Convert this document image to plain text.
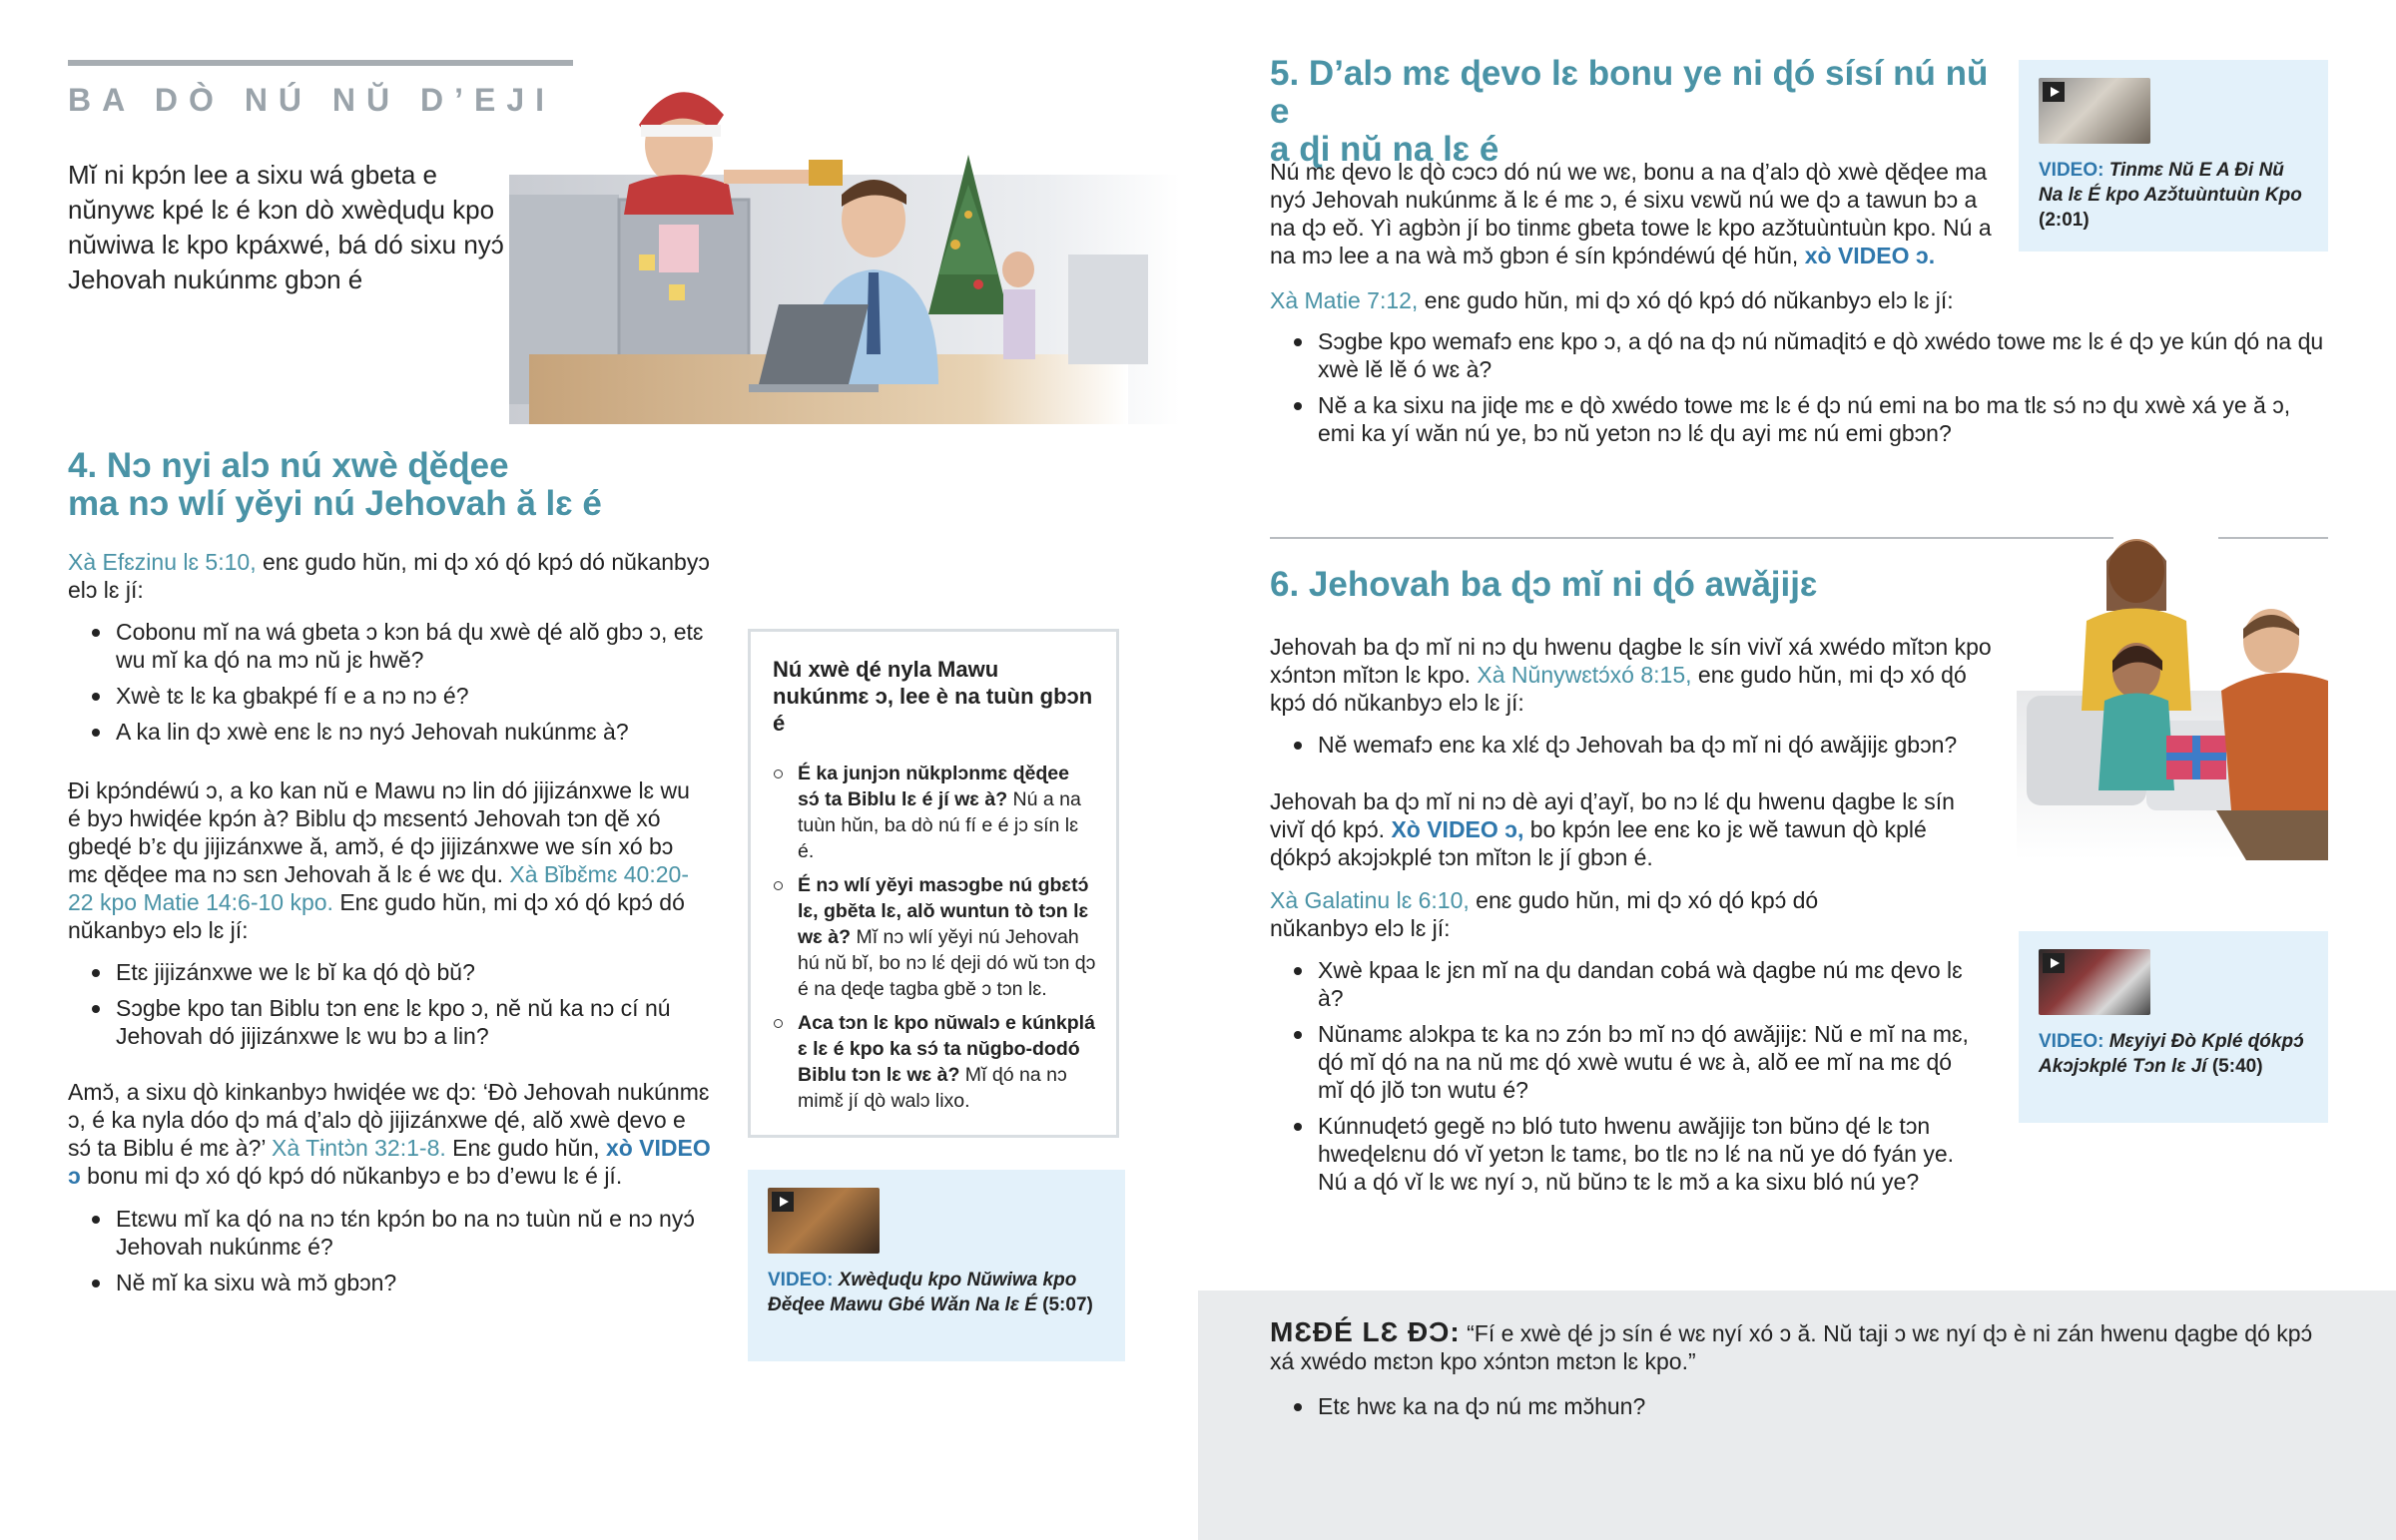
BA DÒ NÚ NŬ D’EJI

Mĭ ni kpɔ́n lee a sixu wá gbeta e nŭnywɛ kpé lɛ é kɔn dò xwèɖuɖu kpo nŭwiwa lɛ kpo kpáxwé, bá dó sixu nyɔ́ Jehovah nukúnmɛ gbɔn é

4. Nɔ nyi alɔ nú xwè ɖěɖee
ma nɔ wlí yĕyi nú Jehovah ă lɛ é

Xà Efɛzinu lɛ 5:10, enɛ gudo hŭn, mi ɖɔ xó ɖó kpɔ́ dó nŭkanbyɔ elɔ lɛ jí:

Cobonu mĭ na wá gbeta ɔ kɔn bá ɖu xwè ɖé alŏ gbɔ ɔ, etɛ wu mĭ ka ɖó na mɔ nŭ jɛ hwĕ?
Xwè tɛ lɛ ka gbakpé fí e a nɔ nɔ é?
A ka lin ɖɔ xwè enɛ lɛ nɔ nyɔ́ Jehovah nukúnmɛ à?

Ði kpɔ́ndéwú ɔ, a ko kan nŭ e Mawu nɔ lin dó jijizánxwe lɛ wu é byɔ hwiɖée kpɔ́n à? Biblu ɖɔ mɛsentɔ́ Jehovah tɔn ɖě xó gbeɖé b’ɛ ɖu jijizánxwe ă, amɔ̆, é ɖɔ jijizánxwe we sín xó bɔ mɛ ɖěɖee ma nɔ sɛn Jehovah ă lɛ é wɛ ɖu. Xà Bǐbɛ̌mɛ 40:20-22 kpo Matie 14:6-10 kpo. Enɛ gudo hŭn, mi ɖɔ xó ɖó kpɔ́ dó nŭkanbyɔ elɔ lɛ jí:

Etɛ jijizánxwe we lɛ bĭ ka ɖó ɖò bŭ?
Sɔgbe kpo tan Biblu tɔn enɛ lɛ kpo ɔ, nĕ nŭ ka nɔ cí nú Jehovah dó jijizánxwe lɛ wu bɔ a lin?

Amɔ̆, a sixu ɖò kinkanbyɔ hwiɖée wɛ ɖɔ: ‘Ðò Jehovah nukúnmɛ ɔ, é ka nyla dóo ɖɔ má ɖ’alɔ ɖò jijizánxwe ɖé, alŏ xwè ɖevo e sɔ́ ta Biblu é mɛ à?’ Xà Tɨntɔ̀n 32:1-8. Enɛ gudo hŭn, xò VIDEO ɔ bonu mi ɖɔ xó ɖó kpɔ́ dó nŭkanbyɔ e bɔ d’ewu lɛ é jí.

Etɛwu mĭ ka ɖó na nɔ tɛ́n kpɔ́n bo na nɔ tuùn nŭ e nɔ nyɔ́ Jehovah nukúnmɛ é?
Nĕ mĭ ka sixu wà mɔ̆ gbɔn?
Nú xwè ɖé nyla Mawu nukúnmɛ ɔ, lee è na tuùn gbɔn é
É ka junjɔn nŭkplɔnmɛ ɖěɖee sɔ́ ta Biblu lɛ é jí wɛ à? Nú a na tuùn hŭn, ba dò nú fí e é jɔ sín lɛ é.
É nɔ wlí yĕyi masɔgbe nú gbɛtɔ́ lɛ, gbĕta lɛ, alŏ wuntun tò tɔn lɛ wɛ à? Mĭ nɔ wlí yĕyi nú Jehovah hú nŭ bĭ, bo nɔ lɛ́ ɖeji dó wŭ tɔn ɖɔ é na ɖeɖe tagba gbě ɔ tɔn lɛ.
Aca tɔn lɛ kpo nŭwalɔ e kúnkplá ɛ lɛ é kpo ka sɔ́ ta nŭgbo-dodó Biblu tɔn lɛ wɛ à? Mĭ ɖó na nɔ mimɛ̌ jí ɖò walɔ lixo.
VIDEO: Xwèɖuɖu kpo Nŭwiwa kpo Ðěɖee Mawu Gbé Wǎn Na lɛ É (5:07)
5. D’alɔ mɛ ɖevo lɛ bonu ye ni ɖó sísí nú nŭ e
a ɖi nŭ na lɛ é

Nú mɛ ɖevo lɛ ɖò cɔcɔ dó nú we wɛ, bonu a na ɖ’alɔ ɖò xwè ɖěɖee ma nyɔ́ Jehovah nukúnmɛ ă lɛ é mɛ ɔ, é sixu vɛwŭ nú we ɖɔ a tawun bɔ a na ɖɔ eŏ. Yì agbɔ̀n jí bo tinmɛ gbeta towe lɛ kpo azɔ̌tuùntuùn kpo. Nú a na mɔ lee a na wà mɔ̆ gbɔn é sín kpɔ́ndéwú ɖé hŭn, xò VIDEO ɔ.

VIDEO: Tinmɛ Nŭ E A Ði Nŭ Na lɛ É kpo Azɔ̌tuùntuùn Kpo (2:01)

Xà Matie 7:12, enɛ gudo hŭn, mi ɖɔ xó ɖó kpɔ́ dó nŭkanbyɔ elɔ lɛ jí:

Sɔgbe kpo wemafɔ enɛ kpo ɔ, a ɖó na ɖɔ nú nŭmaɖitɔ́ e ɖò xwédo towe mɛ lɛ é ɖɔ ye kún ɖó na ɖu xwè lĕ lĕ ó wɛ à?
Nĕ a ka sixu na jiɖe mɛ e ɖò xwédo towe mɛ lɛ é ɖɔ nú emi na bo ma tlɛ sɔ́ nɔ ɖu xwè xá ye ă ɔ, emi ka yí wăn nú ye, bɔ nŭ yetɔn nɔ lɛ́ ɖu ayi mɛ nú emi gbɔn?
6. Jehovah ba ɖɔ mĭ ni ɖó awǎjijɛ

Jehovah ba ɖɔ mĭ ni nɔ ɖu hwenu ɖagbe lɛ sín vivĭ xá xwédo mĭtɔn kpo xɔ́ntɔn mĭtɔn lɛ kpo. Xà Nŭnywɛtɔ́xó 8:15, enɛ gudo hŭn, mi ɖɔ xó ɖó kpɔ́ dó nŭkanbyɔ elɔ lɛ jí:

Nĕ wemafɔ enɛ ka xlɛ́ ɖɔ Jehovah ba ɖɔ mĭ ni ɖó awǎjijɛ gbɔn?

Jehovah ba ɖɔ mĭ ni nɔ dè ayi ɖ’ayĭ, bo nɔ lɛ́ ɖu hwenu ɖagbe lɛ sín vivĭ ɖó kpɔ́. Xò VIDEO ɔ, bo kpɔ́n lee enɛ ko jɛ wĕ tawun ɖò kplé ɖókpɔ́ akɔjɔkplé tɔn mĭtɔn lɛ jí gbɔn é.

Xà Galatinu lɛ 6:10, enɛ gudo hŭn, mi ɖɔ xó ɖó kpɔ́ dó nŭkanbyɔ elɔ lɛ jí:

Xwè kpaa lɛ jɛn mĭ na ɖu dandan cobá wà ɖagbe nú mɛ ɖevo lɛ à?
Nŭnamɛ alɔkpa tɛ ka nɔ zɔ́n bɔ mĭ nɔ ɖó awǎjijɛ: Nŭ e mĭ na mɛ, ɖó mĭ ɖó na na nŭ mɛ ɖó xwè wutu é wɛ à, alŏ ee mĭ na mɛ ɖó mĭ ɖó jlŏ tɔn wutu é?
Kúnnuɖetɔ́ gegě nɔ bló tuto hwenu awǎjijɛ tɔn bŭnɔ ɖé lɛ tɔn hweɖelɛnu dó vĭ yetɔn lɛ tamɛ, bo tlɛ nɔ lɛ́ na nŭ ye dó fyán ye. Nú a ɖó vĭ lɛ wɛ nyí ɔ, nŭ bŭnɔ tɛ lɛ mɔ̆ a ka sixu bló nú ye?
VIDEO: Mɛyiyi Ðò Kplé ɖókpɔ́ Akɔjɔkplé Tɔn lɛ Jí (5:40)

MƐÐÉ LƐ ÐƆ: “Fí e xwè ɖé jɔ sín é wɛ nyí xó ɔ ă. Nŭ taji ɔ wɛ nyí ɖɔ è ni zán hwenu ɖagbe ɖó kpɔ́ xá xwédo mɛtɔn kpo xɔ́ntɔn mɛtɔn lɛ kpo.”

Etɛ hwɛ ka na ɖɔ nú mɛ mɔ̆hun?
